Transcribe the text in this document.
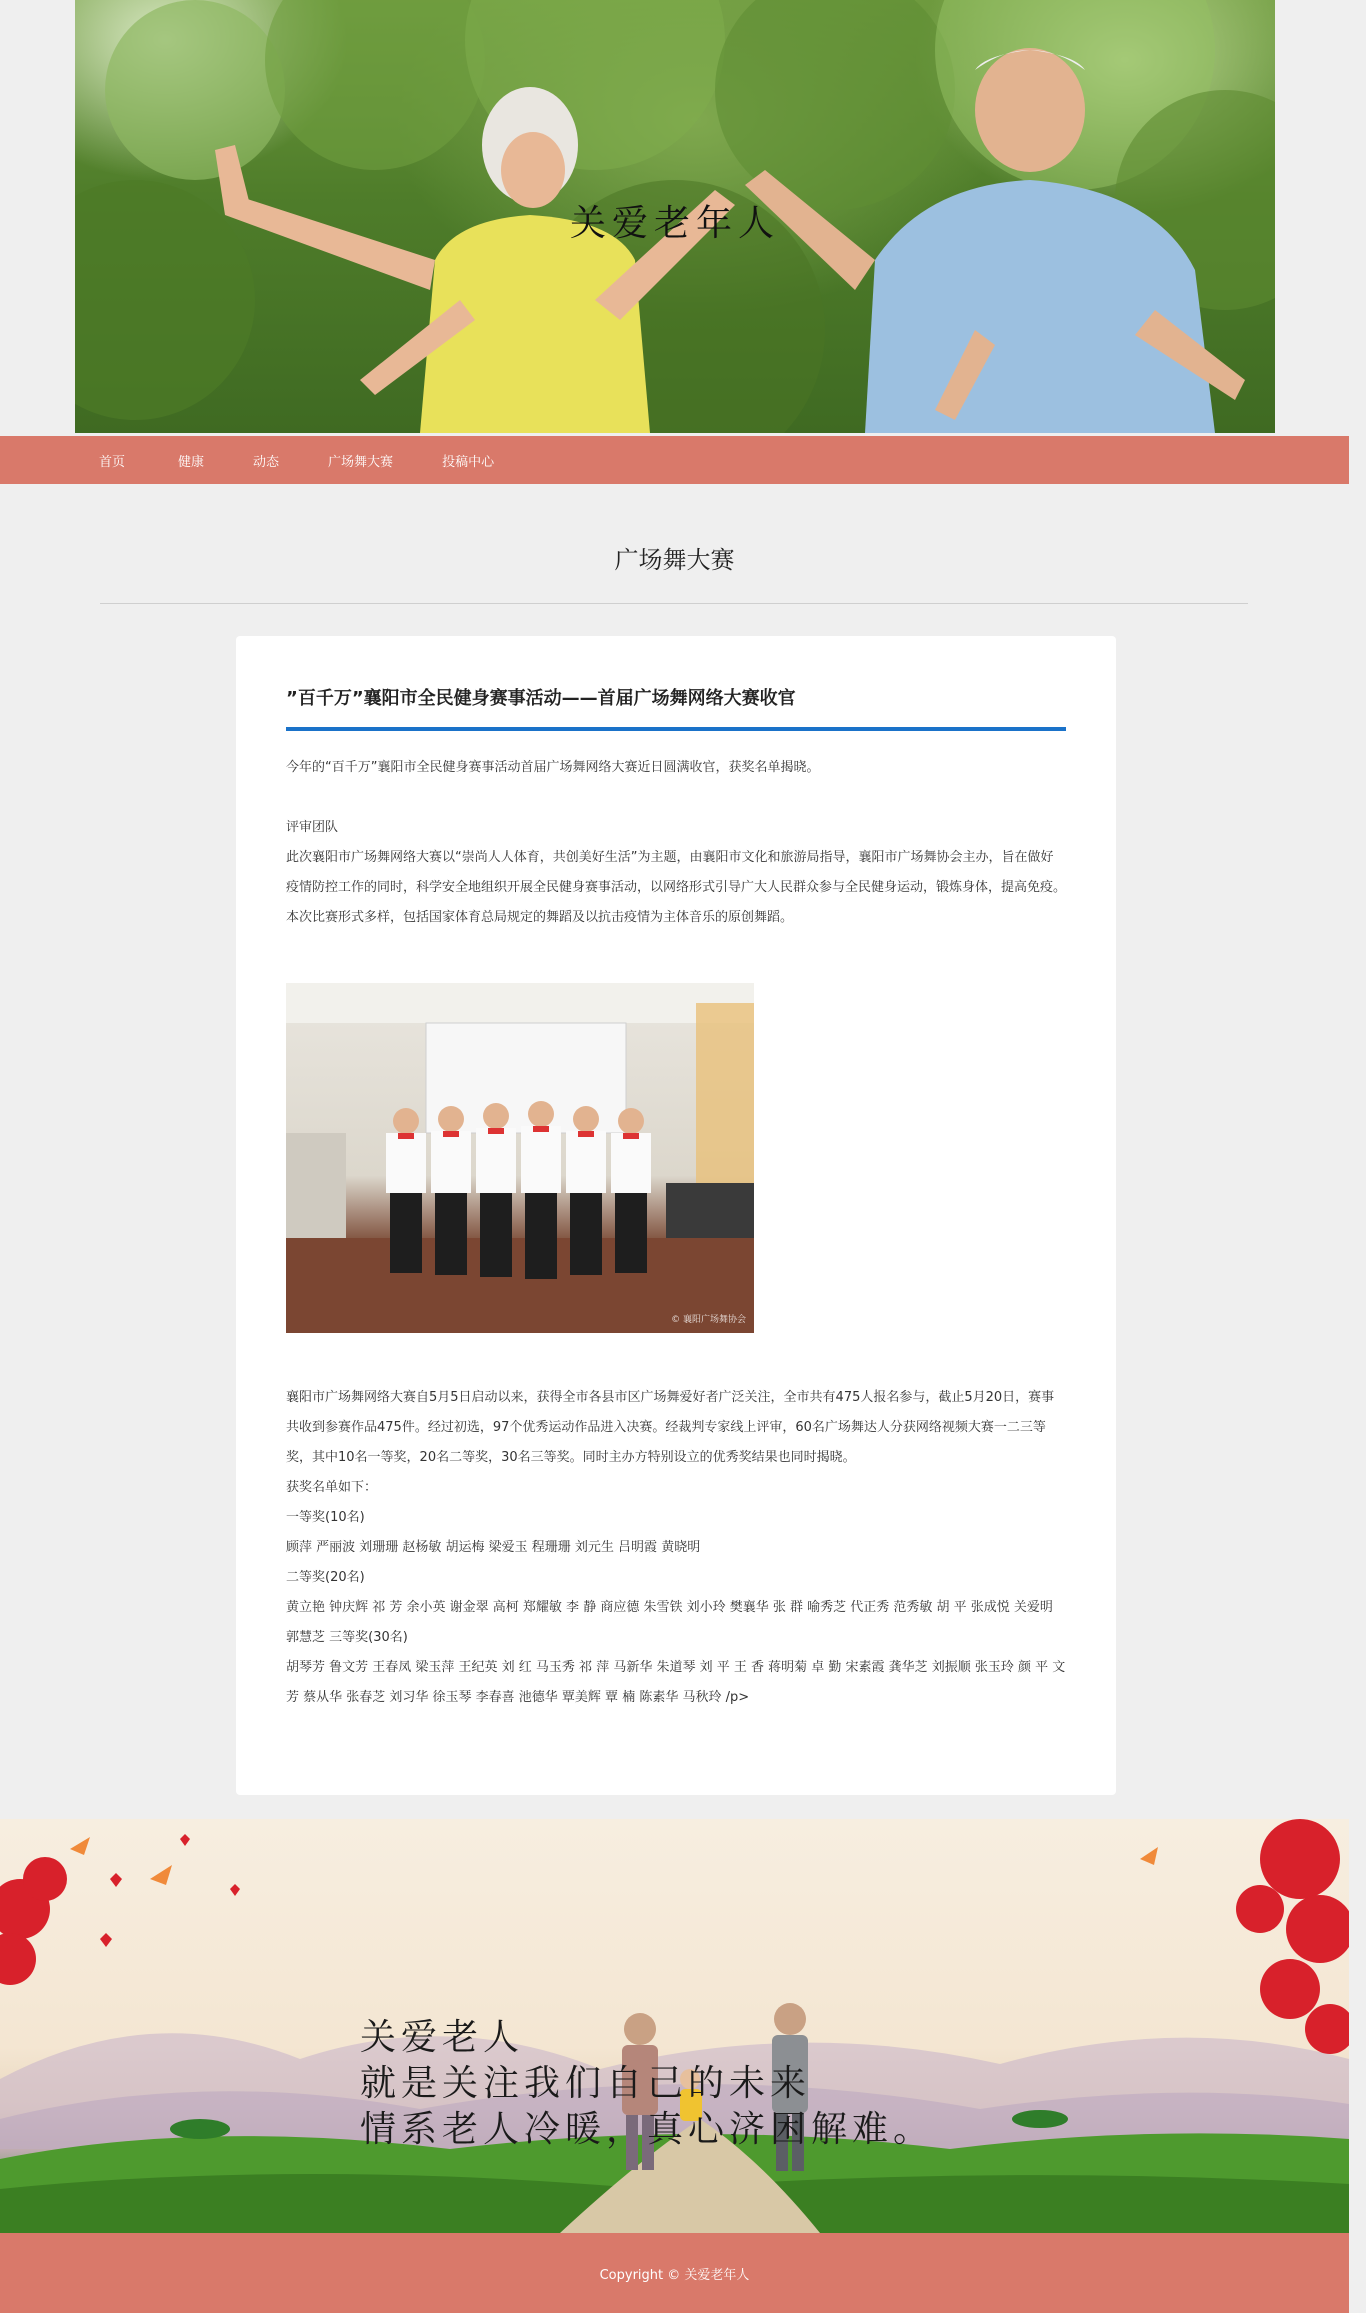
关爱老年人
首页	健康	动态	广场舞大赛	投稿中心
广场舞大赛
”百千万”襄阳市全民健身赛事活动——首届广场舞网络大赛收官
今年的“百千万”襄阳市全民健身赛事活动首届广场舞网络大赛近日圆满收官，获奖名单揭晓。
评审团队
此次襄阳市广场舞网络大赛以“崇尚人人体育，共创美好生活”为主题，由襄阳市文化和旅游局指导，襄阳市广场舞协会主办，旨在做好疫情防控工作的同时，科学安全地组织开展全民健身赛事活动，以网络形式引导广大人民群众参与全民健身运动，锻炼身体，提高免疫。本次比赛形式多样，包括国家体育总局规定的舞蹈及以抗击疫情为主体音乐的原创舞蹈。
© 襄阳广场舞协会
襄阳市广场舞网络大赛自5月5日启动以来，获得全市各县市区广场舞爱好者广泛关注，全市共有475人报名参与，截止5月20日，赛事共收到参赛作品475件。经过初选，97个优秀运动作品进入决赛。经裁判专家线上评审，60名广场舞达人分获网络视频大赛一二三等奖，其中10名一等奖，20名二等奖，30名三等奖。同时主办方特别设立的优秀奖结果也同时揭晓。
获奖名单如下：
一等奖(10名)
顾萍 严丽波 刘珊珊 赵杨敏 胡运梅 梁爱玉 程珊珊 刘元生 吕明霞 黄晓明
二等奖(20名)
黄立艳 钟庆辉 祁 芳 余小英 谢金翠 高柯 郑耀敏 李 静 商应德 朱雪铁 刘小玲 樊襄华 张 群 喻秀芝 代正秀 范秀敏 胡 平 张成悦 关爱明 郭慧芝 三等奖(30名)
胡琴芳 鲁文芳 王春凤 梁玉萍 王纪英 刘 红 马玉秀 祁 萍 马新华 朱道琴 刘 平 王 香 蒋明菊 卓 勤 宋素霞 龚华芝 刘振顺 张玉玲 颜 平 文 芳 蔡从华 张春芝 刘习华 徐玉琴 李春喜 池德华 覃美辉 覃 楠 陈素华 马秋玲 /p>
关爱老人
就是关注我们自己的未来
情系老人冷暖，真心济困解难。
Copyright © 关爱老年人
